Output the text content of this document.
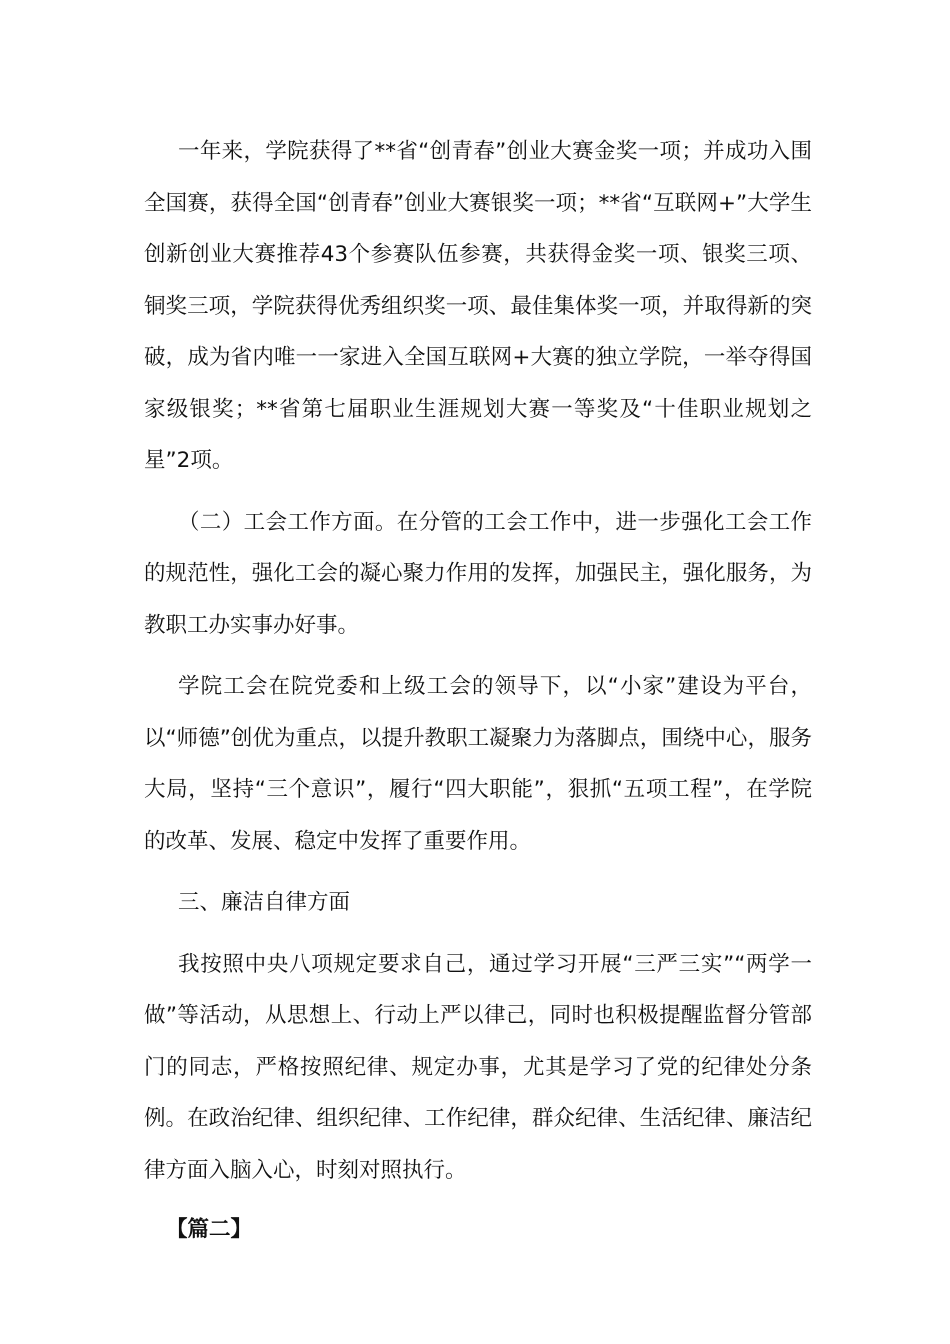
一年来，学院获得了**省“创青春”创业大赛金奖一项；并成功入围全国赛，获得全国“创青春”创业大赛银奖一项；**省“互联网+”大学生创新创业大赛推荐43个参赛队伍参赛，共获得金奖一项、银奖三项、铜奖三项，学院获得优秀组织奖一项、最佳集体奖一项，并取得新的突破，成为省内唯一一家进入全国互联网+大赛的独立学院，一举夺得国家级银奖；**省第七届职业生涯规划大赛一等奖及“十佳职业规划之星”2项。

（二）工会工作方面。在分管的工会工作中，进一步强化工会工作的规范性，强化工会的凝心聚力作用的发挥，加强民主，强化服务，为教职工办实事办好事。

学院工会在院党委和上级工会的领导下，以“小家”建设为平台，以“师德”创优为重点，以提升教职工凝聚力为落脚点，围绕中心，服务大局，坚持“三个意识”，履行“四大职能”，狠抓“五项工程”，在学院的改革、发展、稳定中发挥了重要作用。

三、廉洁自律方面

我按照中央八项规定要求自己，通过学习开展“三严三实”“两学一做”等活动，从思想上、行动上严以律己，同时也积极提醒监督分管部门的同志，严格按照纪律、规定办事，尤其是学习了党的纪律处分条例。在政治纪律、组织纪律、工作纪律，群众纪律、生活纪律、廉洁纪律方面入脑入心，时刻对照执行。

【篇二】
